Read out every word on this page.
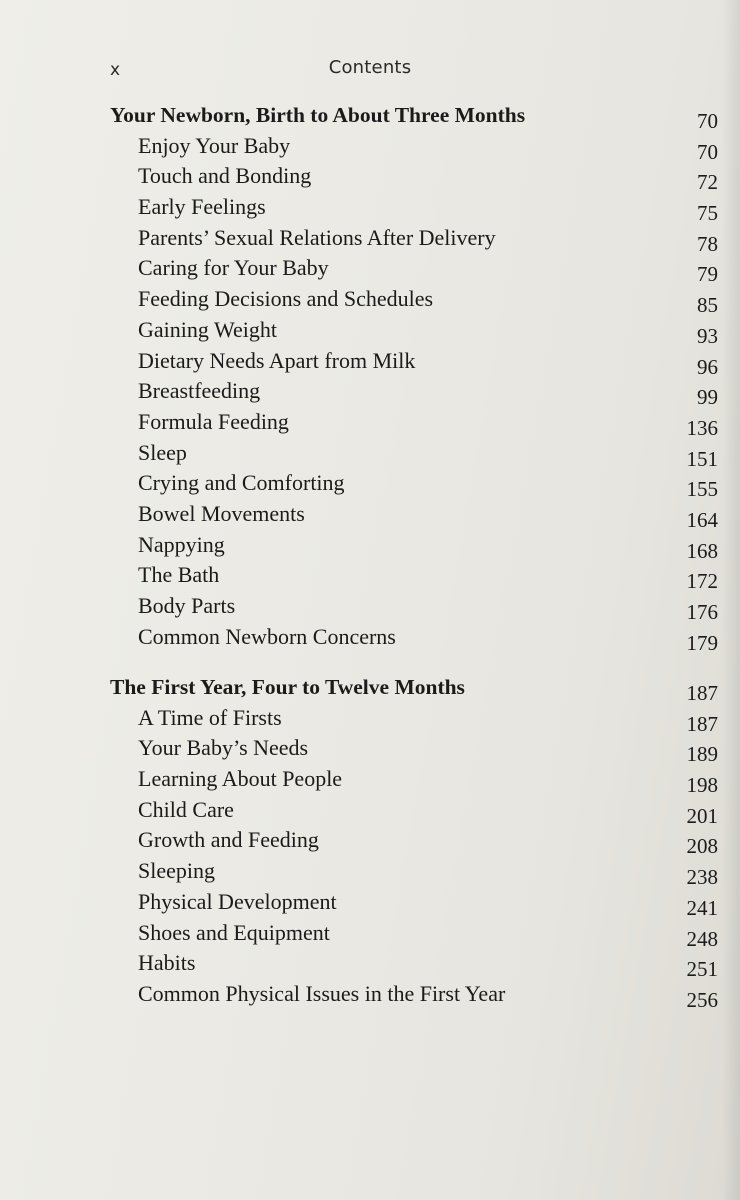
x	Contents
Your Newborn, Birth to About Three Months	70
Enjoy Your Baby	70
Touch and Bonding	72
Early Feelings	75
Parents’ Sexual Relations After Delivery	78
Caring for Your Baby	79
Feeding Decisions and Schedules	85
Gaining Weight	93
Dietary Needs Apart from Milk	96
Breastfeeding	99
Formula Feeding	136
Sleep	151
Crying and Comforting	155
Bowel Movements	164
Nappying	168
The Bath	172
Body Parts	176
Common Newborn Concerns	179
The First Year, Four to Twelve Months	187
A Time of Firsts	187
Your Baby’s Needs	189
Learning About People	198
Child Care	201
Growth and Feeding	208
Sleeping	238
Physical Development	241
Shoes and Equipment	248
Habits	251
Common Physical Issues in the First Year	256
